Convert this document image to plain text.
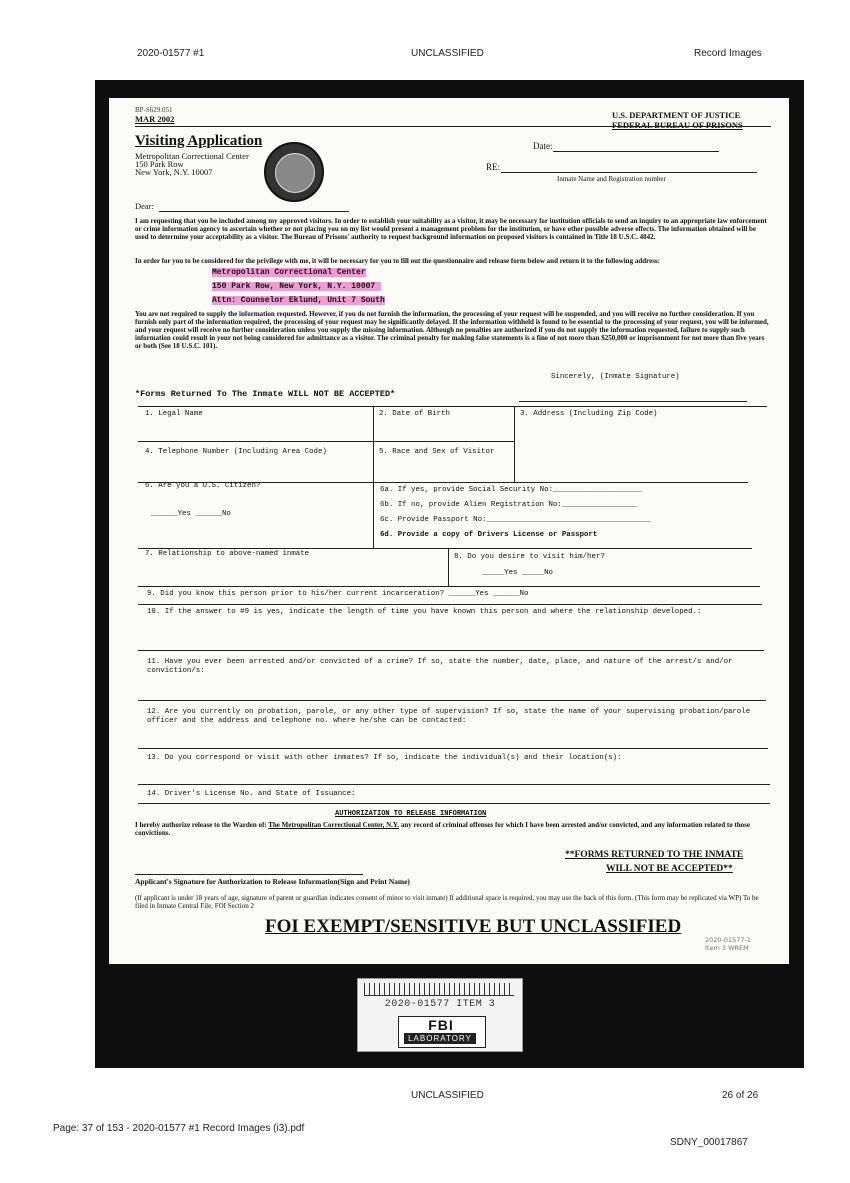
2020-01577 #1	UNCLASSIFIED	Record Images
BP-S629.051
MAR 2002	U.S. DEPARTMENT OF JUSTICE
FEDERAL BUREAU OF PRISONS
Visiting Application
Metropolitan Correctional Center
150 Park Row
New York, N.Y. 10007
Date:
RE:
Inmate Name and Registration number
Dear:
I am requesting that you be included among my approved visitors. In order to establish your suitability as a visitor, it may be necessary for institution officials to send an inquiry to an appropriate law enforcement or crime information agency to ascertain whether or not placing you on my list would present a management problem for the institution, or have other possible adverse effects. The information obtained will be used to determine your acceptability as a visitor. The Bureau of Prisons' authority to request background information on proposed visitors is contained in Title 18 U.S.C. 4042.
In order for you to be considered for the privilege with me, it will be necessary for you to fill out the questionnaire and release form below and return it to the following address:
Metropolitan Correctional Center
150 Park Row, New York, N.Y. 10007
Attn: Counselor Eklund, Unit 7 South
You are not required to supply the information requested. However, if you do not furnish the information, the processing of your request will be suspended, and you will receive no further consideration. If you furnish only part of the information required, the processing of your request may be significantly delayed. If the information withheld is found to be essential to the processing of your request, you will be informed, and your request will receive no further consideration unless you supply the missing information. Although no penalties are authorized if you do not supply the information requested, failure to supply such information could result in your not being considered for admittance as a visitor. The criminal penalty for making false statements is a fine of not more than $250,000 or imprisonment for not more than five years or both (See 18 U.S.C. 101).
Sincerely, (Inmate Signature)
*Forms Returned To The Inmate WILL NOT BE ACCEPTED*
1. Legal Name	2. Date of Birth	3. Address (Including Zip Code)
4. Telephone Number (Including Area Code)	5. Race and Sex of Visitor
6. Are you a U.S. Citizen?
______Yes ______No
6a. If yes, provide Social Security No:____________________
6b. If no, provide Alien Registration No:_________________
6c. Provide Passport No:_____________________________________
6d. Provide a copy of Drivers License or Passport
7. Relationship to above-named inmate	8. Do you desire to visit him/her?
_____Yes _____No
9. Did you know this person prior to his/her current incarceration? ______Yes ______No
10. If the answer to #9 is yes, indicate the length of time you have known this person and where the relationship developed.:
11. Have you ever been arrested and/or convicted of a crime? If so, state the number, date, place, and nature of the arrest/s and/or conviction/s:
12. Are you currently on probation, parole, or any other type of supervision? If so, state the name of your supervising probation/parole officer and the address and telephone no. where he/she can be contacted:
13. Do you correspond or visit with other inmates? If so, indicate the individual(s) and their location(s):
14. Driver's License No. and State of Issuance:
AUTHORIZATION TO RELEASE INFORMATION
I hereby authorize release to the Warden of: The Metropolitan Correctional Center, N.Y. any record of criminal offenses for which I have been arrested and/or convicted, and any information related to those convictions.
**FORMS RETURNED TO THE INMATE
WILL NOT BE ACCEPTED**
Applicant's Signature for Authorization to Release Information(Sign and Print Name)
(If applicant is under 18 years of age, signature of parent or guardian indicates consent of minor to visit inmate) If additional space is required, you may use the back of this form. (This form may be replicated via WP) To be filed in Inmate Central File, FOI Section 2
FOI EXEMPT/SENSITIVE BUT UNCLASSIFIED
2020-01577-1 Item 3 WREM
2020-01577 ITEM 3
FBI
LABORATORY
UNCLASSIFIED	26 of 26
Page: 37 of 153 - 2020-01577 #1 Record Images (i3).pdf
SDNY_00017867
